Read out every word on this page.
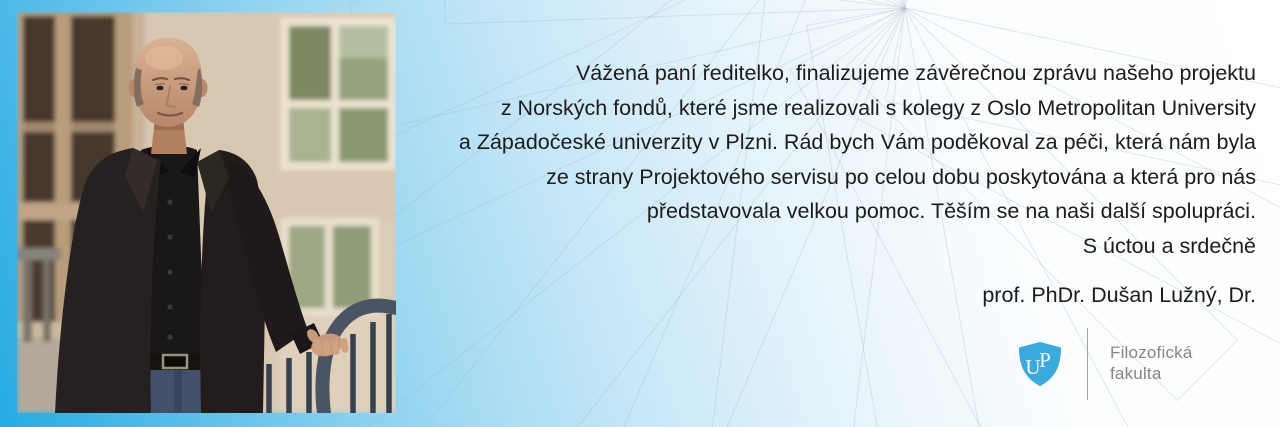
Vážená paní ředitelko, finalizujeme závěrečnou zprávu našeho projektu
z Norských fondů, které jsme realizovali s kolegy z Oslo Metropolitan University
a Západočeské univerzity v Plzni. Rád bych Vám poděkoval za péči, která nám byla
ze strany Projektového servisu po celou dobu poskytována a která pro nás
představovala velkou pomoc. Těším se na naši další spolupráci.
S úctou a srdečně
prof. PhDr. Dušan Lužný, Dr.
U
P	Filozofická
fakulta
